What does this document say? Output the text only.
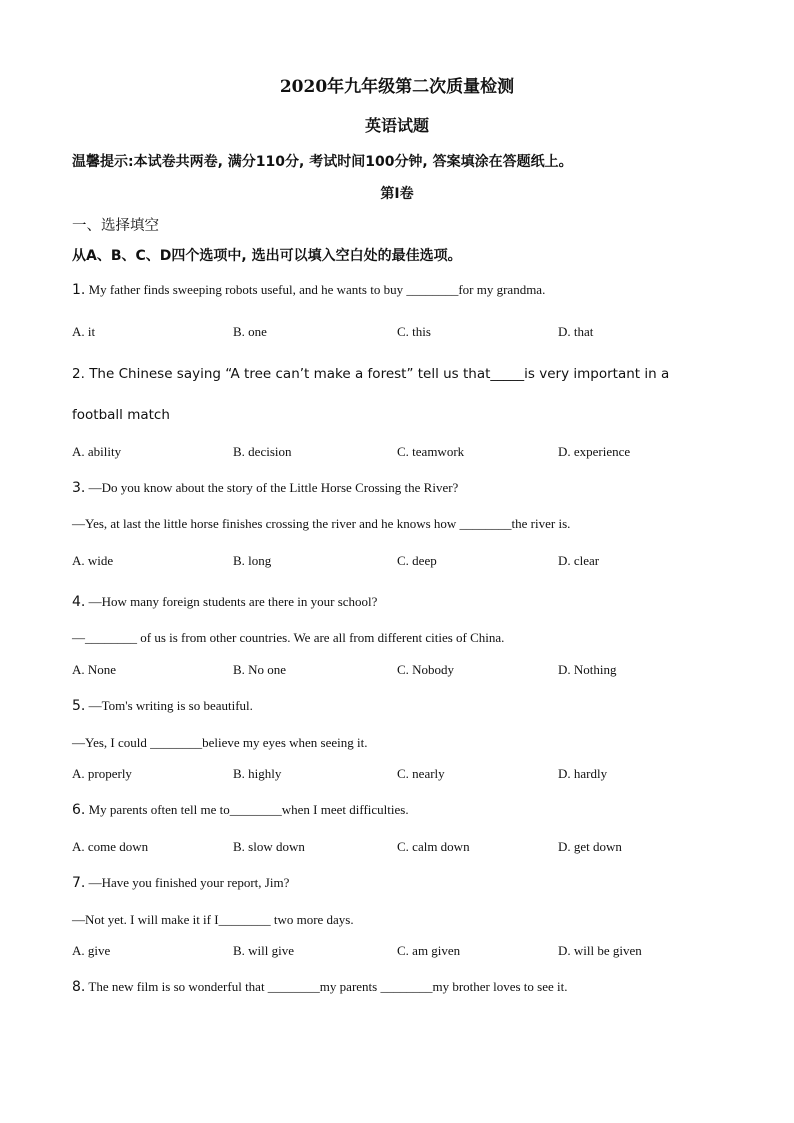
2020年九年级第二次质量检测
英语试题
温馨提示:本试卷共两卷, 满分110分, 考试时间100分钟, 答案填涂在答题纸上。
第I卷
一、选择填空
从A、B、C、D四个选项中, 选出可以填入空白处的最佳选项。
1. My father finds sweeping robots useful, and he wants to buy ________for my grandma.
A. it	B. one	C. this	D. that
2. The Chinese saying “A tree can’t make a forest” tell us that_____is very important in a
football match
A. ability	B. decision	C. teamwork	D. experience
3. —Do you know about the story of the Little Horse Crossing the River?
—Yes, at last the little horse finishes crossing the river and he knows how ________the river is.
A. wide	B. long	C. deep	D. clear
4. —How many foreign students are there in your school?
—________ of us is from other countries. We are all from different cities of China.
A. None	B. No one	C. Nobody	D. Nothing
5. —Tom's writing is so beautiful.
—Yes, I could ________believe my eyes when seeing it.
A. properly	B. highly	C. nearly	D. hardly
6. My parents often tell me to________when I meet difficulties.
A. come down	B. slow down	C. calm down	D. get down
7. —Have you finished your report, Jim?
—Not yet. I will make it if I________ two more days.
A. give	B. will give	C. am given	D. will be given
8. The new film is so wonderful that ________my parents ________my brother loves to see it.
